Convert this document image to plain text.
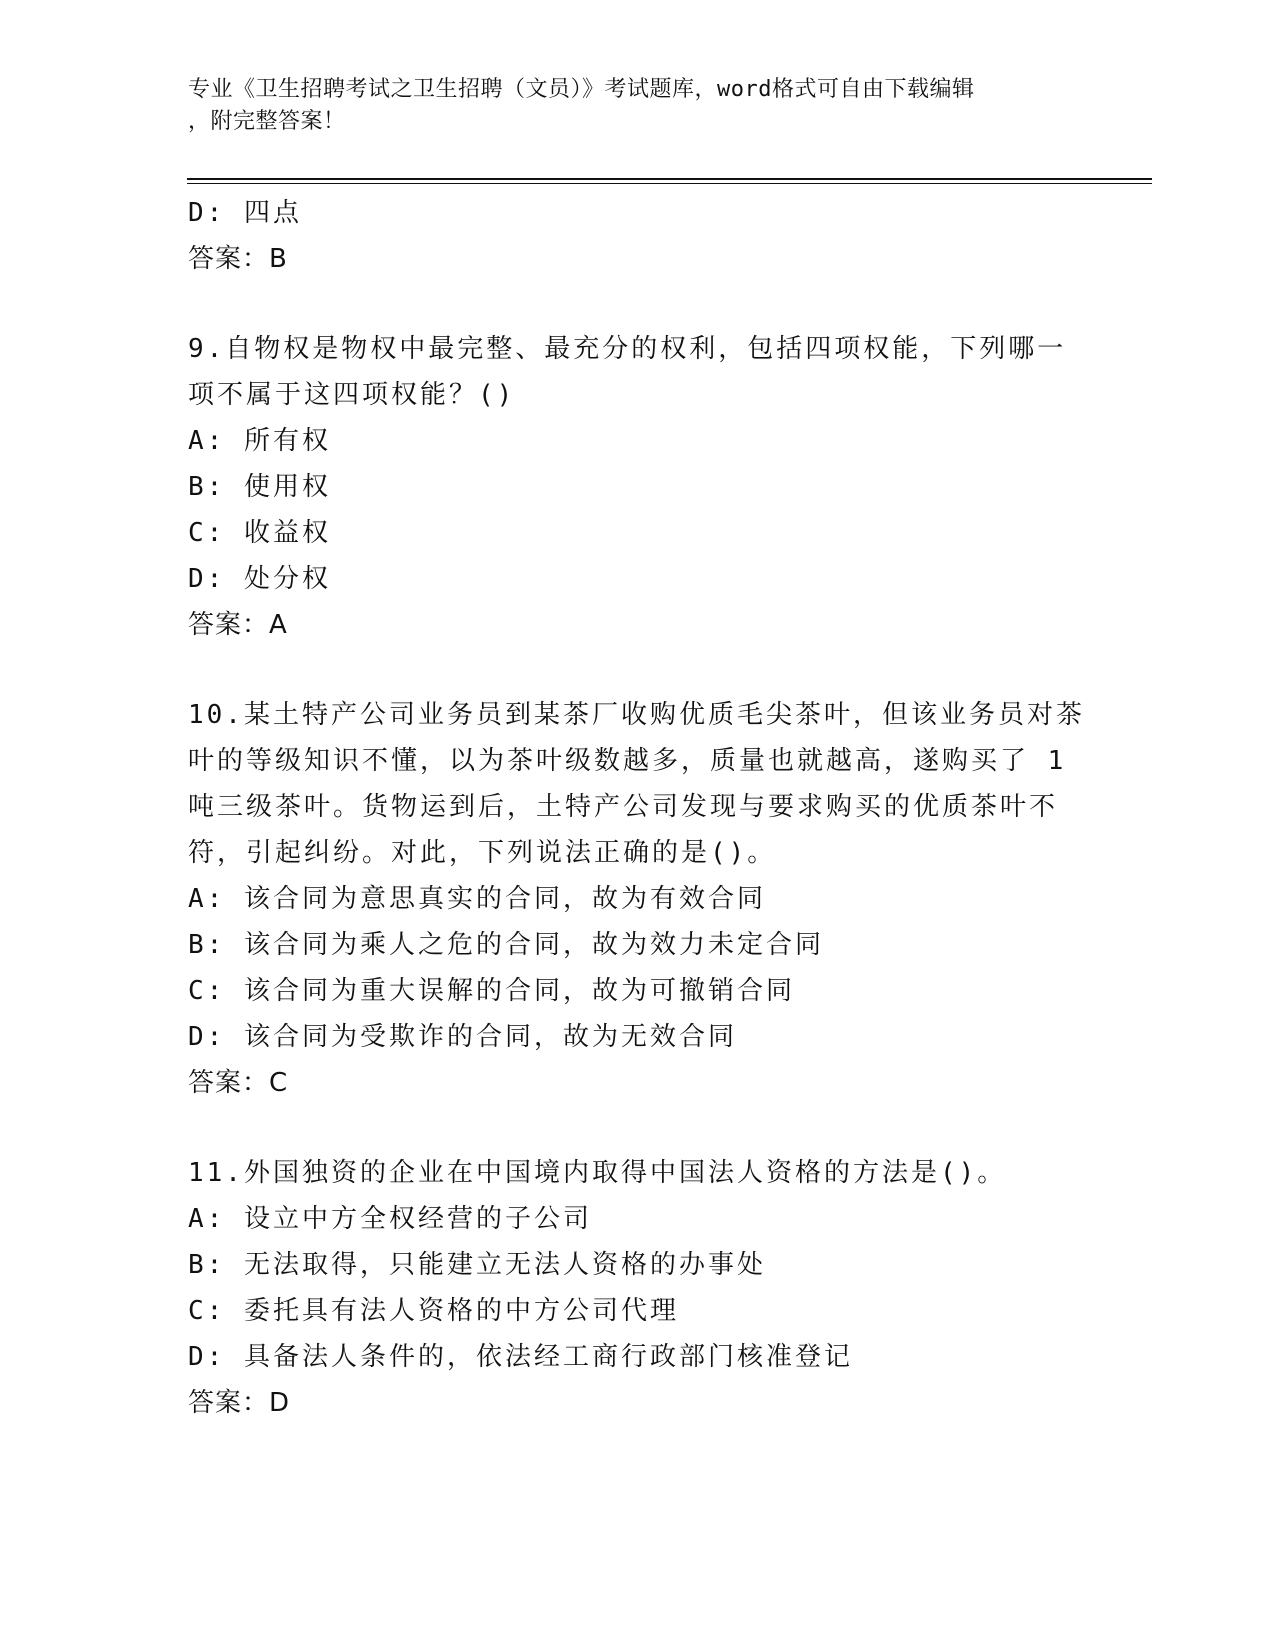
专业《卫生招聘考试之卫生招聘（文员）》考试题库，word格式可自由下载编辑
，附完整答案！
D: 四点
答案：B
9.自物权是物权中最完整、最充分的权利，包括四项权能，下列哪一
项不属于这四项权能？()
A: 所有权
B: 使用权
C: 收益权
D: 处分权
答案：A
10.某土特产公司业务员到某茶厂收购优质毛尖茶叶，但该业务员对茶
叶的等级知识不懂，以为茶叶级数越多，质量也就越高，遂购买了 1
吨三级茶叶。货物运到后，土特产公司发现与要求购买的优质茶叶不
符，引起纠纷。对此，下列说法正确的是()。
A: 该合同为意思真实的合同，故为有效合同
B: 该合同为乘人之危的合同，故为效力未定合同
C: 该合同为重大误解的合同，故为可撤销合同
D: 该合同为受欺诈的合同，故为无效合同
答案：C
11.外国独资的企业在中国境内取得中国法人资格的方法是()。
A: 设立中方全权经营的子公司
B: 无法取得，只能建立无法人资格的办事处
C: 委托具有法人资格的中方公司代理
D: 具备法人条件的，依法经工商行政部门核准登记
答案：D
